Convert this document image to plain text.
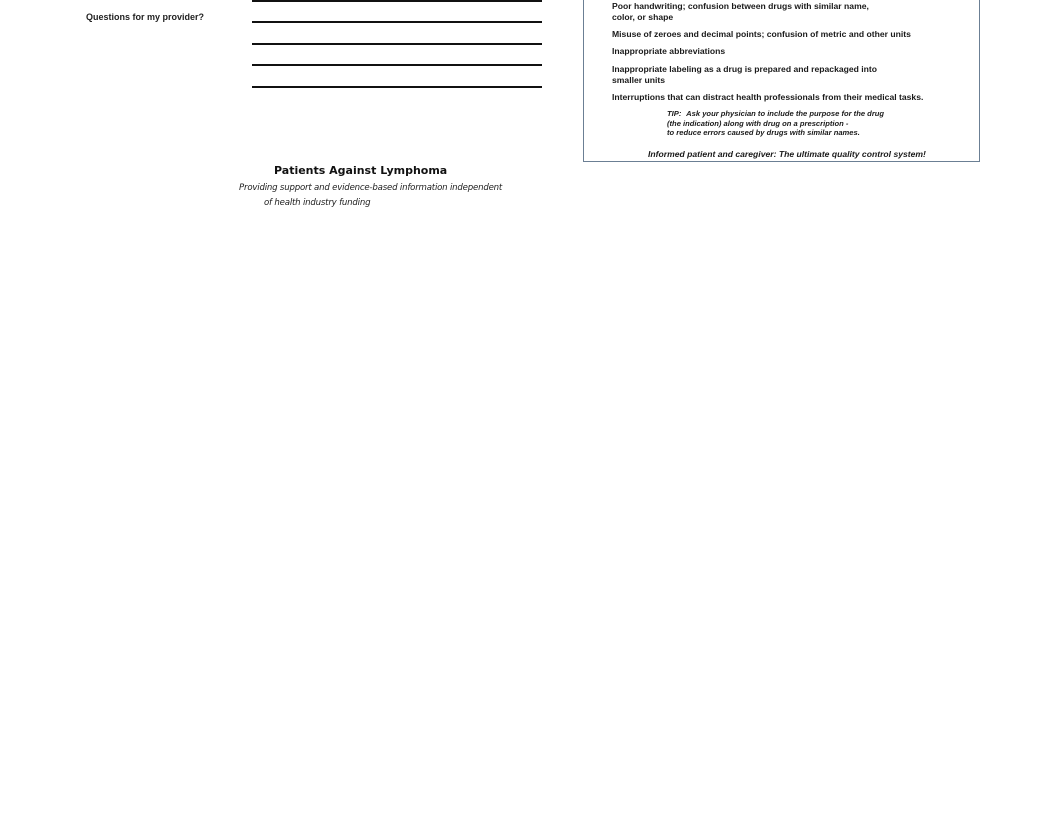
Questions for my provider?
Patients Against Lymphoma
Providing support and evidence-based information independent
of health industry funding
Poor handwriting; confusion between drugs with similar name,
color, or shape
Misuse of zeroes and decimal points; confusion of metric and other units
Inappropriate abbreviations
Inappropriate labeling as a drug is prepared and repackaged into
smaller units
Interruptions that can distract health professionals from their medical tasks.
TIP: Ask your physician to include the purpose for the drug
(the indication) along with drug on a prescription -
to reduce errors caused by drugs with similar names.
Informed patient and caregiver: The ultimate quality control system!
